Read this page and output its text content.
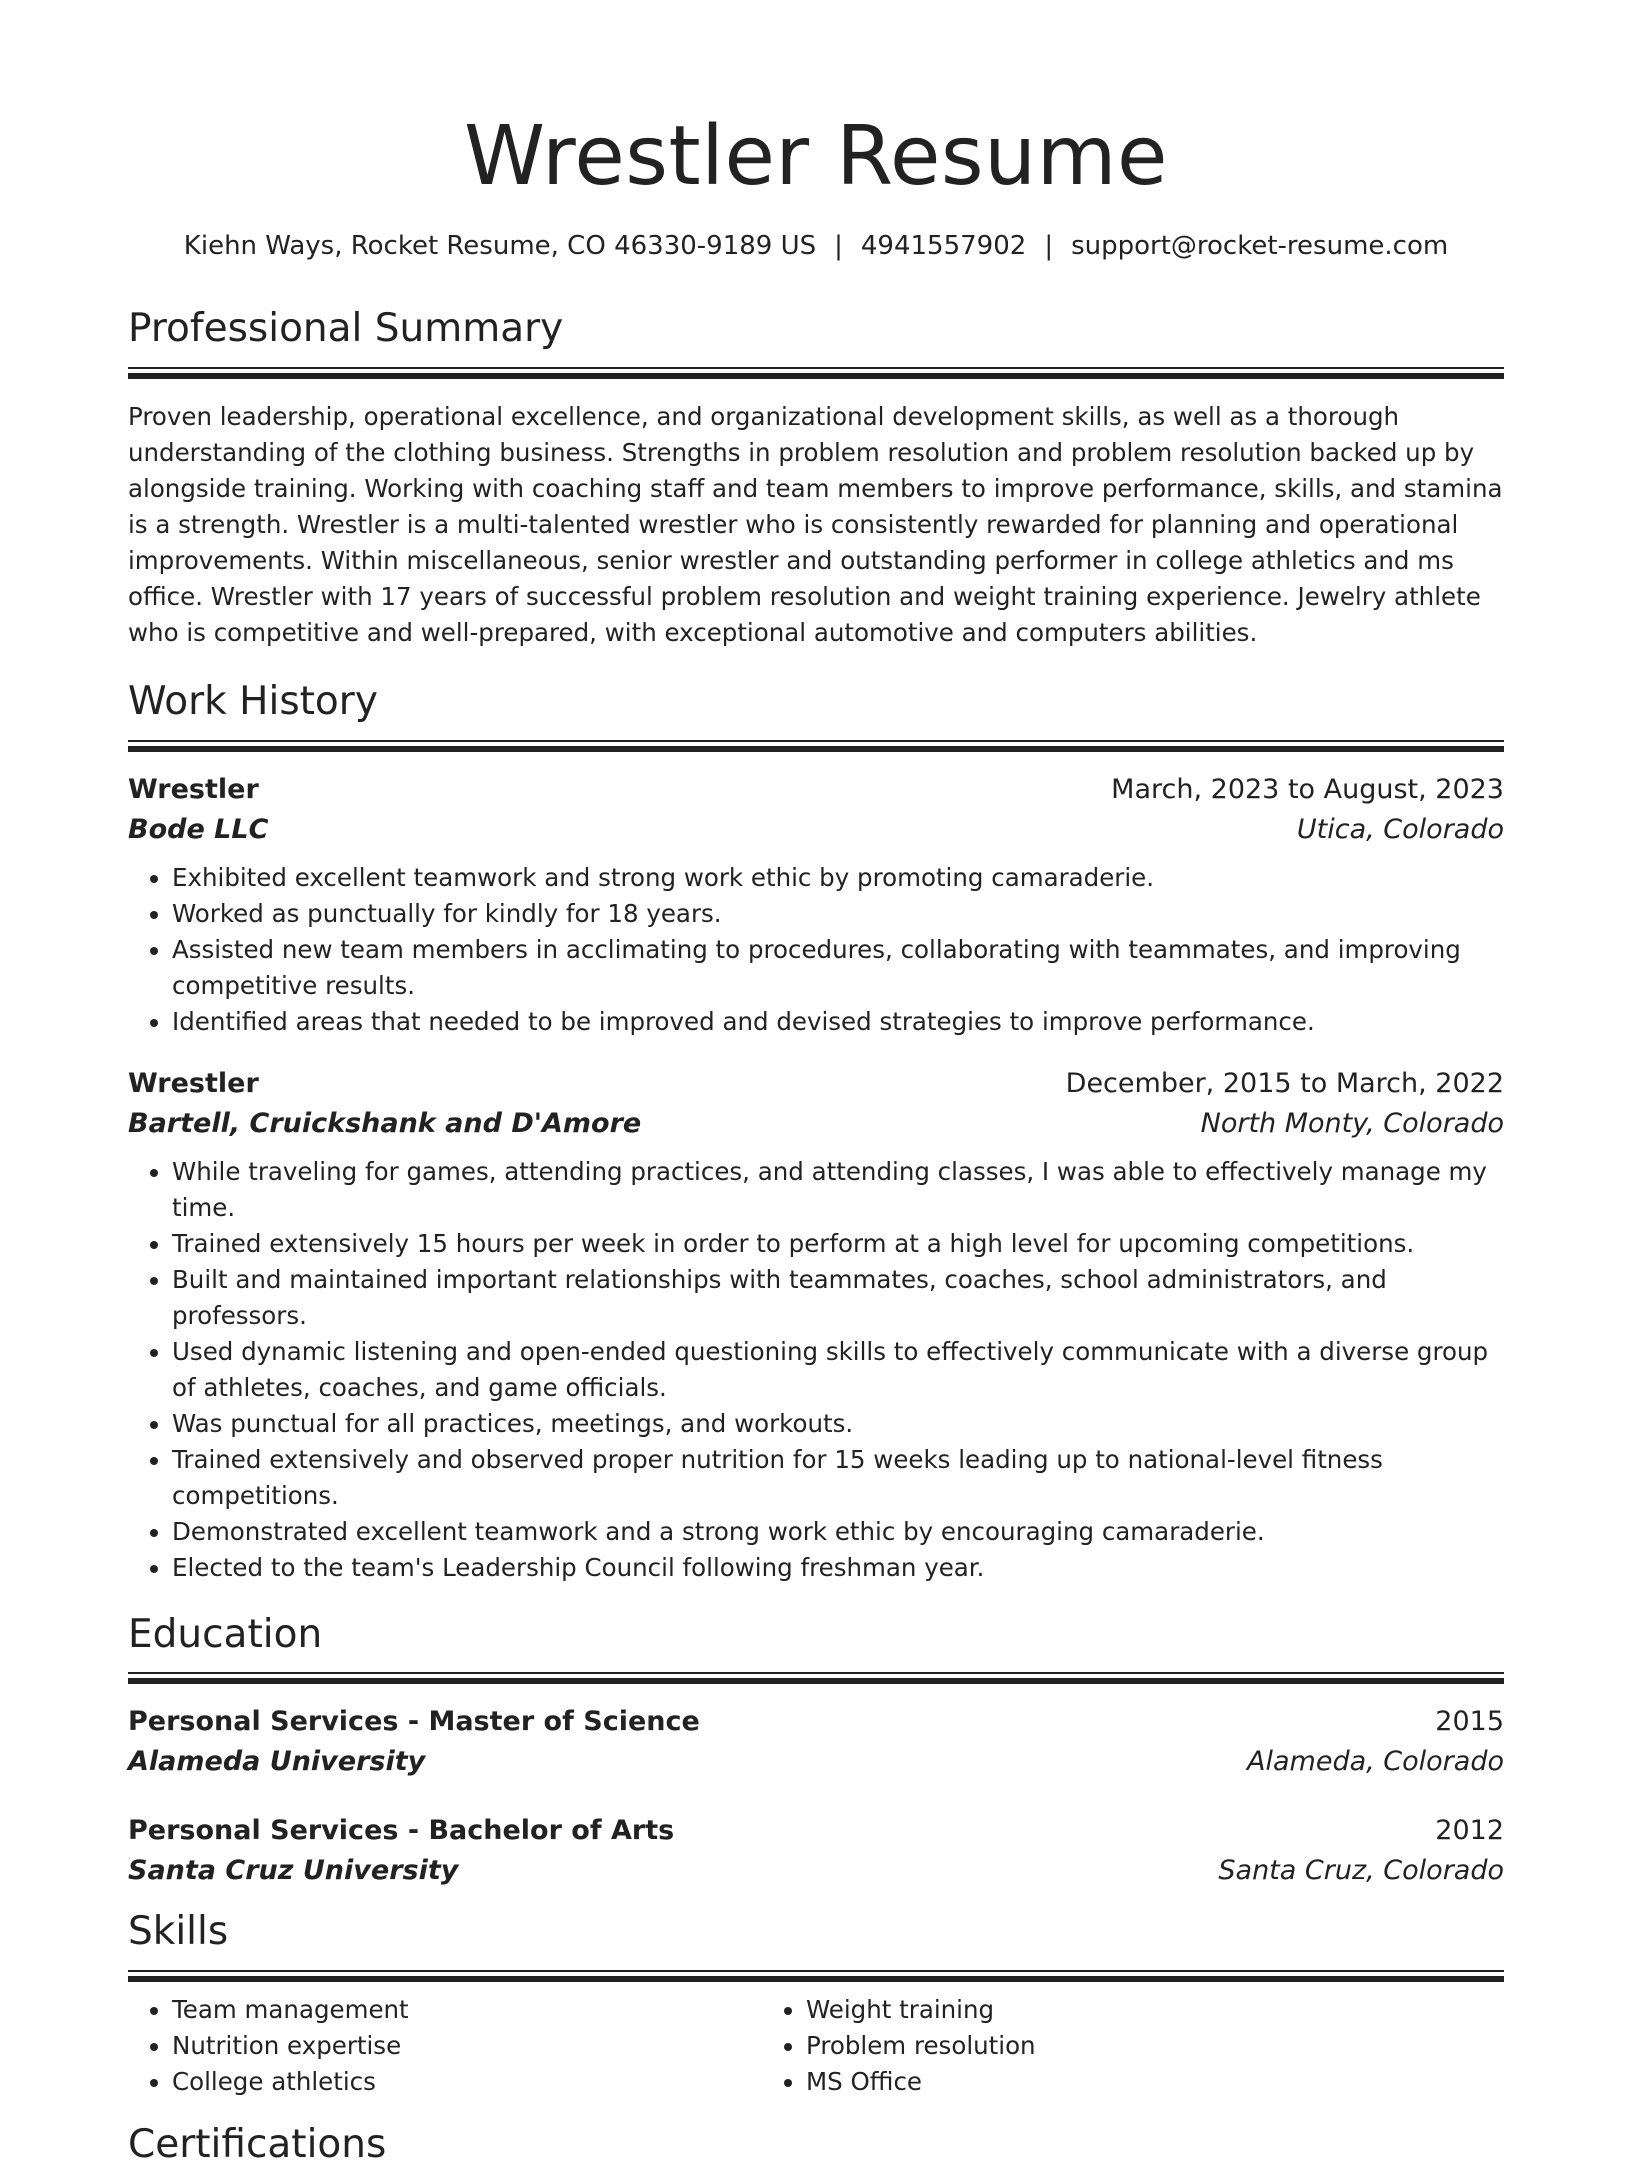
Wrestler Resume
Kiehn Ways, Rocket Resume, CO 46330-9189 US | 4941557902 | support@rocket-resume.com
Professional Summary
Proven leadership, operational excellence, and organizational development skills, as well as a thorough understanding of the clothing business. Strengths in problem resolution and problem resolution backed up by alongside training. Working with coaching staff and team members to improve performance, skills, and stamina is a strength. Wrestler is a multi-talented wrestler who is consistently rewarded for planning and operational improvements. Within miscellaneous, senior wrestler and outstanding performer in college athletics and ms office. Wrestler with 17 years of successful problem resolution and weight training experience. Jewelry athlete who is competitive and well-prepared, with exceptional automotive and computers abilities.
Work History
Wrestler	March, 2023 to August, 2023
Bode LLC	Utica, Colorado
• Exhibited excellent teamwork and strong work ethic by promoting camaraderie.
• Worked as punctually for kindly for 18 years.
• Assisted new team members in acclimating to procedures, collaborating with teammates, and improving competitive results.
• Identified areas that needed to be improved and devised strategies to improve performance.
Wrestler	December, 2015 to March, 2022
Bartell, Cruickshank and D'Amore	North Monty, Colorado
• While traveling for games, attending practices, and attending classes, I was able to effectively manage my time.
• Trained extensively 15 hours per week in order to perform at a high level for upcoming competitions.
• Built and maintained important relationships with teammates, coaches, school administrators, and professors.
• Used dynamic listening and open-ended questioning skills to effectively communicate with a diverse group of athletes, coaches, and game officials.
• Was punctual for all practices, meetings, and workouts.
• Trained extensively and observed proper nutrition for 15 weeks leading up to national-level fitness competitions.
• Demonstrated excellent teamwork and a strong work ethic by encouraging camaraderie.
• Elected to the team's Leadership Council following freshman year.
Education
Personal Services - Master of Science	2015
Alameda University	Alameda, Colorado
Personal Services - Bachelor of Arts	2012
Santa Cruz University	Santa Cruz, Colorado
Skills
• Team management
• Nutrition expertise
• College athletics
• Weight training
• Problem resolution
• MS Office
Certifications
